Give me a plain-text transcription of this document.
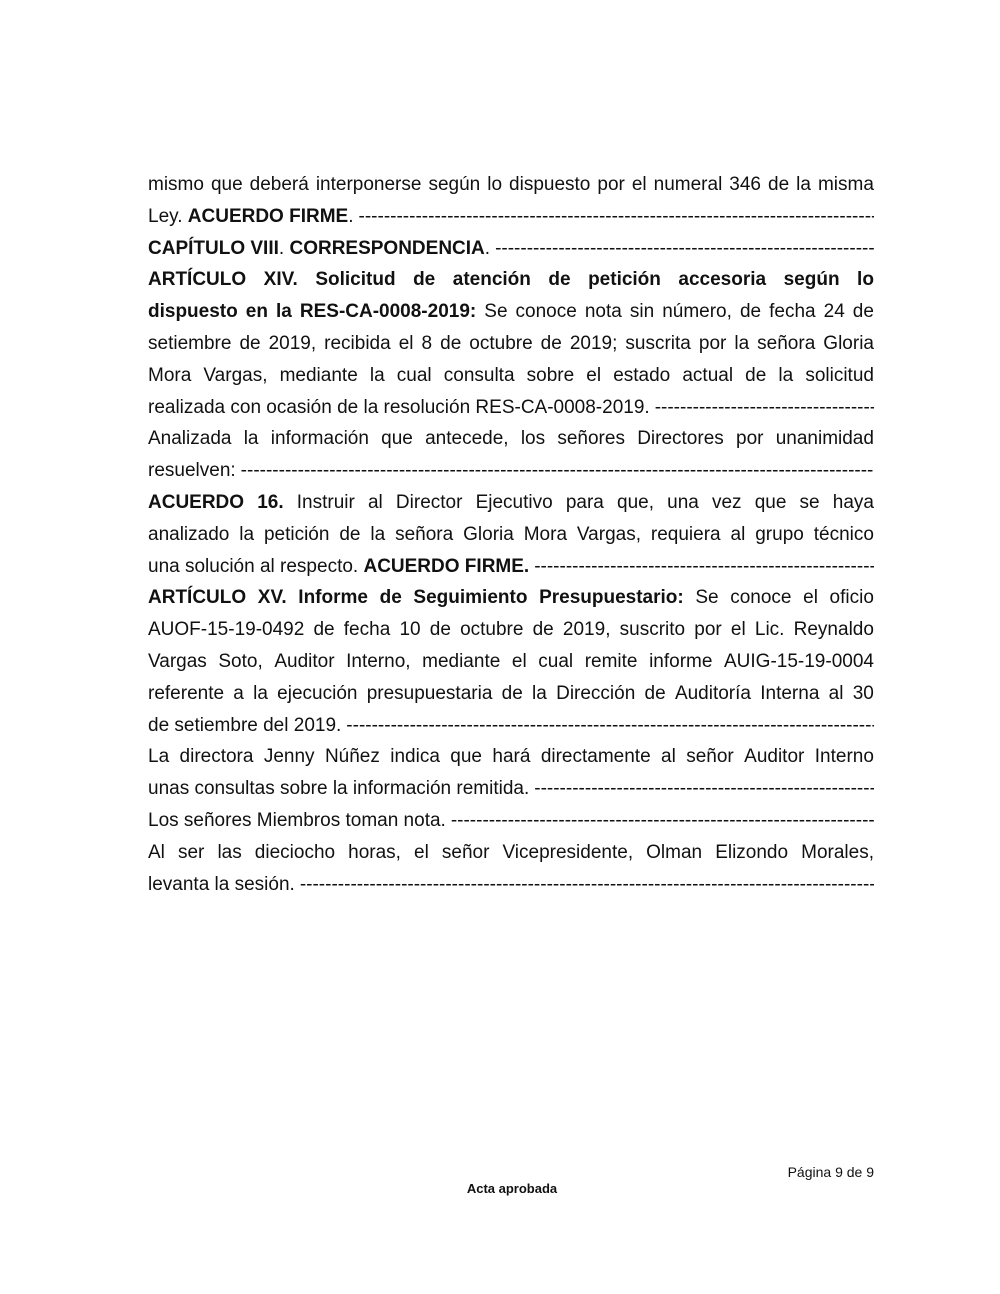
mismo que deberá interponerse según lo dispuesto por el numeral 346 de la misma
Ley. ACUERDO FIRME.
-----
CAPÍTULO VIII. CORRESPONDENCIA.
-----
ARTÍCULO XIV. Solicitud de atención de petición accesoria según lo
dispuesto en la RES-CA-0008-2019: Se conoce nota sin número, de fecha 24 de
setiembre de 2019, recibida el 8 de octubre de 2019; suscrita por la señora Gloria
Mora Vargas, mediante la cual consulta sobre el estado actual de la solicitud
realizada con ocasión de la resolución RES-CA-0008-2019.
-----
Analizada la información que antecede, los señores Directores por unanimidad
resuelven:
-----
ACUERDO 16. Instruir al Director Ejecutivo para que, una vez que se haya
analizado la petición de la señora Gloria Mora Vargas, requiera al grupo técnico
una solución al respecto. ACUERDO FIRME.
-----
ARTÍCULO XV. Informe de Seguimiento Presupuestario: Se conoce el oficio
AUOF-15-19-0492 de fecha 10 de octubre de 2019, suscrito por el Lic. Reynaldo
Vargas Soto, Auditor Interno, mediante el cual remite informe AUIG-15-19-0004
referente a la ejecución presupuestaria de la Dirección de Auditoría Interna al 30
de setiembre del 2019.
-----
La directora Jenny Núñez indica que hará directamente al señor Auditor Interno
unas consultas sobre la información remitida.
-----
Los señores Miembros toman nota.
-----
Al ser las dieciocho horas, el señor Vicepresidente, Olman Elizondo Morales,
levanta la sesión.
-----
Página 9 de 9
Acta aprobada
